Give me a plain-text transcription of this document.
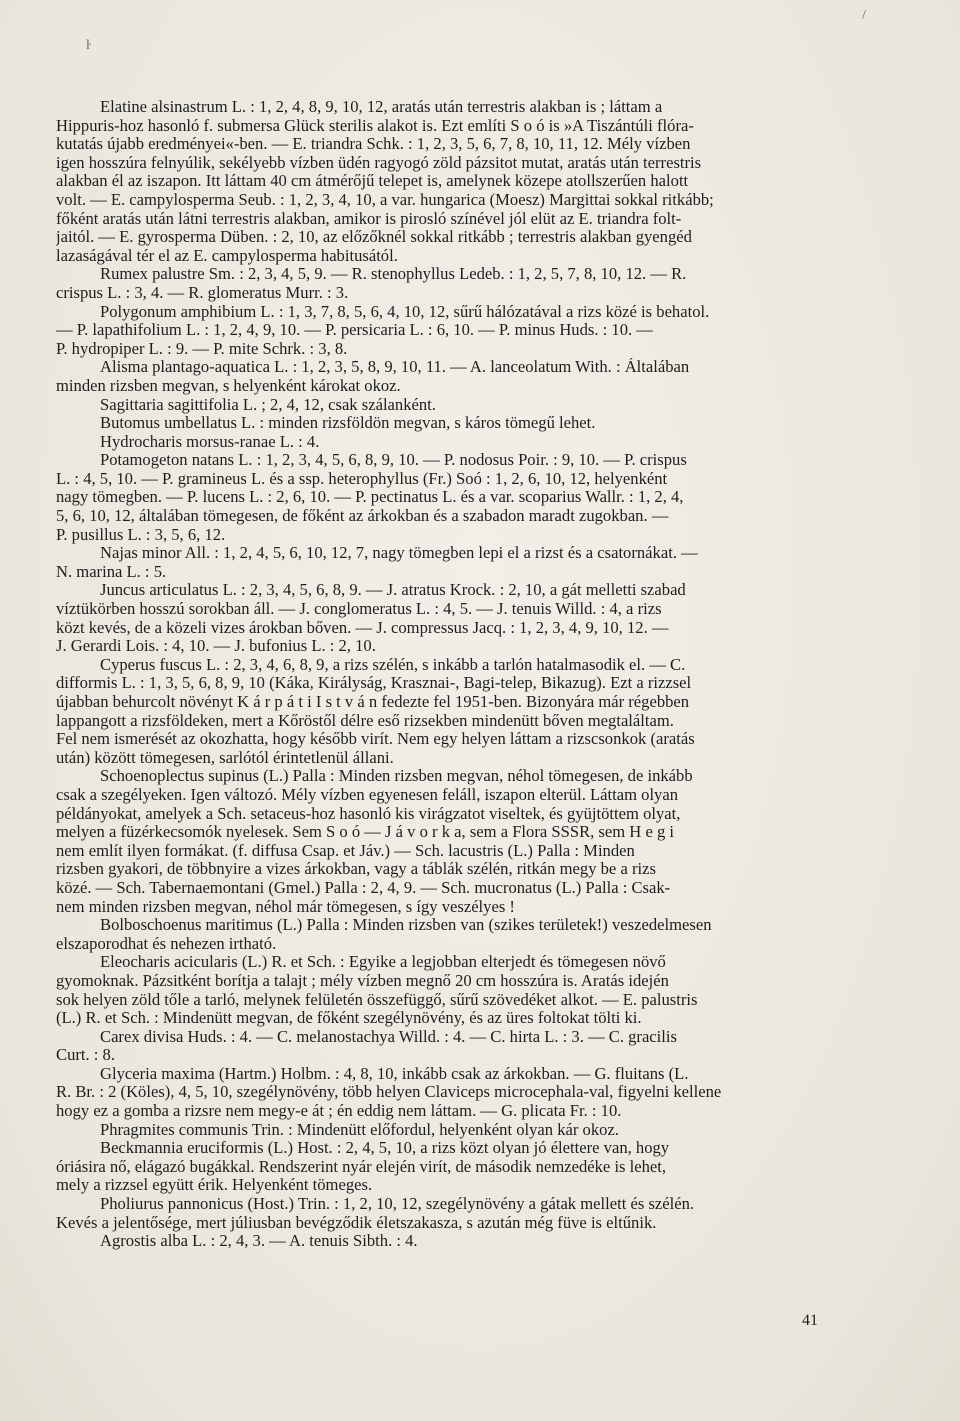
ŀ
/
Elatine alsinastrum L. : 1, 2, 4, 8, 9, 10, 12, aratás után terrestris alakban is ; láttam a
Hippuris-hoz hasonló f. submersa Glück sterilis alakot is. Ezt említi S o ó is »A Tiszántúli flóra-
kutatás újabb eredményei«-ben. — E. triandra Schk. : 1, 2, 3, 5, 6, 7, 8, 10, 11, 12. Mély vízben
igen hosszúra felnyúlik, sekélyebb vízben üdén ragyogó zöld pázsitot mutat, aratás után terrestris
alakban él az iszapon. Itt láttam 40 cm átmérőjű telepet is, amelynek közepe atollszerűen halott
volt. — E. campylosperma Seub. : 1, 2, 3, 4, 10, a var. hungarica (Moesz) Margittai sokkal ritkább;
főként aratás után látni terrestris alakban, amikor is pirosló színével jól elüt az E. triandra folt-
jaitól. — E. gyrosperma Düben. : 2, 10, az előzőknél sokkal ritkább ; terrestris alakban gyengéd
lazaságával tér el az E. campylosperma habitusától.
Rumex palustre Sm. : 2, 3, 4, 5, 9. — R. stenophyllus Ledeb. : 1, 2, 5, 7, 8, 10, 12. — R.
crispus L. : 3, 4. — R. glomeratus Murr. : 3.
Polygonum amphibium L. : 1, 3, 7, 8, 5, 6, 4, 10, 12, sűrű hálózatával a rizs közé is behatol.
— P. lapathifolium L. : 1, 2, 4, 9, 10. — P. persicaria L. : 6, 10. — P. minus Huds. : 10. —
P. hydropiper L. : 9. — P. mite Schrk. : 3, 8.
Alisma plantago-aquatica L. : 1, 2, 3, 5, 8, 9, 10, 11. — A. lanceolatum With. : Általában
minden rizsben megvan, s helyenként károkat okoz.
Sagittaria sagittifolia L. ; 2, 4, 12, csak szálanként.
Butomus umbellatus L. : minden rizsföldön megvan, s káros tömegű lehet.
Hydrocharis morsus-ranae L. : 4.
Potamogeton natans L. : 1, 2, 3, 4, 5, 6, 8, 9, 10. — P. nodosus Poir. : 9, 10. — P. crispus
L. : 4, 5, 10. — P. gramineus L. és a ssp. heterophyllus (Fr.) Soó : 1, 2, 6, 10, 12, helyenként
nagy tömegben. — P. lucens L. : 2, 6, 10. — P. pectinatus L. és a var. scoparius Wallr. : 1, 2, 4,
5, 6, 10, 12, általában tömegesen, de főként az árkokban és a szabadon maradt zugokban. —
P. pusillus L. : 3, 5, 6, 12.
Najas minor All. : 1, 2, 4, 5, 6, 10, 12, 7, nagy tömegben lepi el a rizst és a csatornákat. —
N. marina L. : 5.
Juncus articulatus L. : 2, 3, 4, 5, 6, 8, 9. — J. atratus Krock. : 2, 10, a gát melletti szabad
víztükörben hosszú sorokban áll. — J. conglomeratus L. : 4, 5. — J. tenuis Willd. : 4, a rizs
közt kevés, de a közeli vizes árokban bőven. — J. compressus Jacq. : 1, 2, 3, 4, 9, 10, 12. —
J. Gerardi Lois. : 4, 10. — J. bufonius L. : 2, 10.
Cyperus fuscus L. : 2, 3, 4, 6, 8, 9, a rizs szélén, s inkább a tarlón hatalmasodik el. — C.
difformis L. : 1, 3, 5, 6, 8, 9, 10 (Káka, Királyság, Krasznai-, Bagi-telep, Bikazug). Ezt a rizzsel
újabban behurcolt növényt K á r p á t i I s t v á n fedezte fel 1951-ben. Bizonyára már régebben
lappangott a rizsföldeken, mert a Kőröstől délre eső rizsekben mindenütt bőven megtaláltam.
Fel nem ismerését az okozhatta, hogy később virít. Nem egy helyen láttam a rizscsonkok (aratás
után) között tömegesen, sarlótól érintetlenül állani.
Schoenoplectus supinus (L.) Palla : Minden rizsben megvan, néhol tömegesen, de inkább
csak a szegélyeken. Igen változó. Mély vízben egyenesen feláll, iszapon elterül. Láttam olyan
példányokat, amelyek a Sch. setaceus-hoz hasonló kis virágzatot viseltek, és gyüjtöttem olyat,
melyen a füzérkecsomók nyelesek. Sem S o ó — J á v o r k a, sem a Flora SSSR, sem H e g i
nem említ ilyen formákat. (f. diffusa Csap. et Jáv.) — Sch. lacustris (L.) Palla : Minden
rizsben gyakori, de többnyire a vizes árkokban, vagy a táblák szélén, ritkán megy be a rizs
közé. — Sch. Tabernaemontani (Gmel.) Palla : 2, 4, 9. — Sch. mucronatus (L.) Palla : Csak-
nem minden rizsben megvan, néhol már tömegesen, s így veszélyes !
Bolboschoenus maritimus (L.) Palla : Minden rizsben van (szikes területek!) veszedelmesen
elszaporodhat és nehezen irtható.
Eleocharis acicularis (L.) R. et Sch. : Egyike a legjobban elterjedt és tömegesen növő
gyomoknak. Pázsitként borítja a talajt ; mély vízben megnő 20 cm hosszúra is. Aratás idején
sok helyen zöld tőle a tarló, melynek felületén összefüggő, sűrű szövedéket alkot. — E. palustris
(L.) R. et Sch. : Mindenütt megvan, de főként szegélynövény, és az üres foltokat tölti ki.
Carex divisa Huds. : 4. — C. melanostachya Willd. : 4. — C. hirta L. : 3. — C. gracilis
Curt. : 8.
Glyceria maxima (Hartm.) Holbm. : 4, 8, 10, inkább csak az árkokban. — G. fluitans (L.
R. Br. : 2 (Köles), 4, 5, 10, szegélynövény, több helyen Claviceps microcephala-val, figyelni kellene
hogy ez a gomba a rizsre nem megy-e át ; én eddig nem láttam. — G. plicata Fr. : 10.
Phragmites communis Trin. : Mindenütt előfordul, helyenként olyan kár okoz.
Beckmannia eruciformis (L.) Host. : 2, 4, 5, 10, a rizs közt olyan jó élettere van, hogy
óriásira nő, elágazó bugákkal. Rendszerint nyár elején virít, de második nemzedéke is lehet,
mely a rizzsel együtt érik. Helyenként tömeges.
Pholiurus pannonicus (Host.) Trin. : 1, 2, 10, 12, szegélynövény a gátak mellett és szélén.
Kevés a jelentősége, mert júliusban bevégződik életszakasza, s azután még füve is eltűnik.
Agrostis alba L. : 2, 4, 3. — A. tenuis Sibth. : 4.
41
